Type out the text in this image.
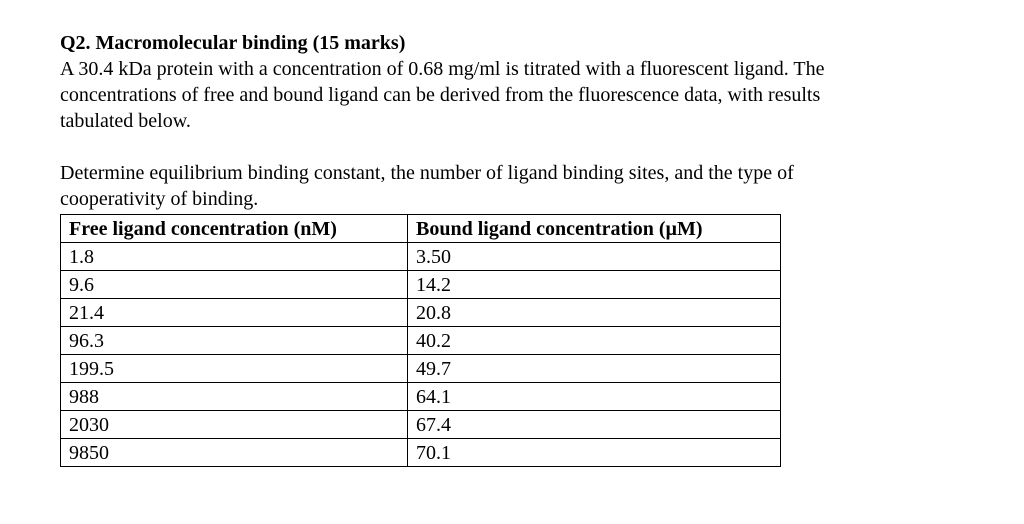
Q2. Macromolecular binding (15 marks)

A 30.4 kDa protein with a concentration of 0.68 mg/ml is titrated with a fluorescent ligand. The

concentrations of free and bound ligand can be derived from the fluorescence data, with results

tabulated below.

Determine equilibrium binding constant, the number of ligand binding sites, and the type of

cooperativity of binding.

Free ligand concentration (nM)	Bound ligand concentration (µM)
1.8	3.50
9.6	14.2
21.4	20.8
96.3	40.2
199.5	49.7
988	64.1
2030	67.4
9850	70.1
